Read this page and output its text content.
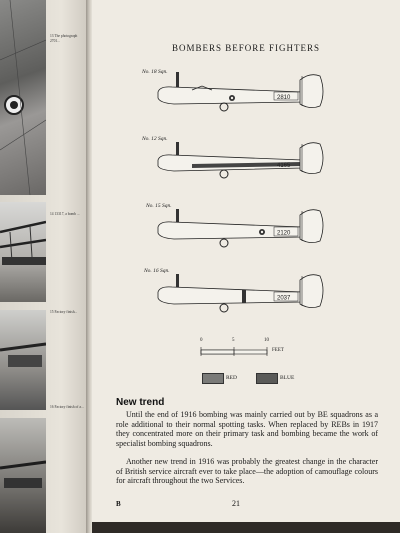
13 The photograph 2701...
14 13317, a bomb ...
15 Factory finish...
16 Factory finish of a...
BOMBERS BEFORE FIGHTERS
No. 18 Sqn.
2810
No. 12 Sqn.
4165
No. 15 Sqn.
2120
No. 16 Sqn.
2037
0	5	10
FEET
RED	BLUE
New trend
Until the end of 1916 bombing was mainly carried out by BE squadrons as a role additional to their normal spotting tasks. When replaced by REBs in 1917 they concentrated more on their primary task and bombing became the work of specialist bombing squadrons.
Another new trend in 1916 was probably the greatest change in the character of British service aircraft ever to take place—the adoption of camouflage colours for aircraft throughout the two Services.
B	21
